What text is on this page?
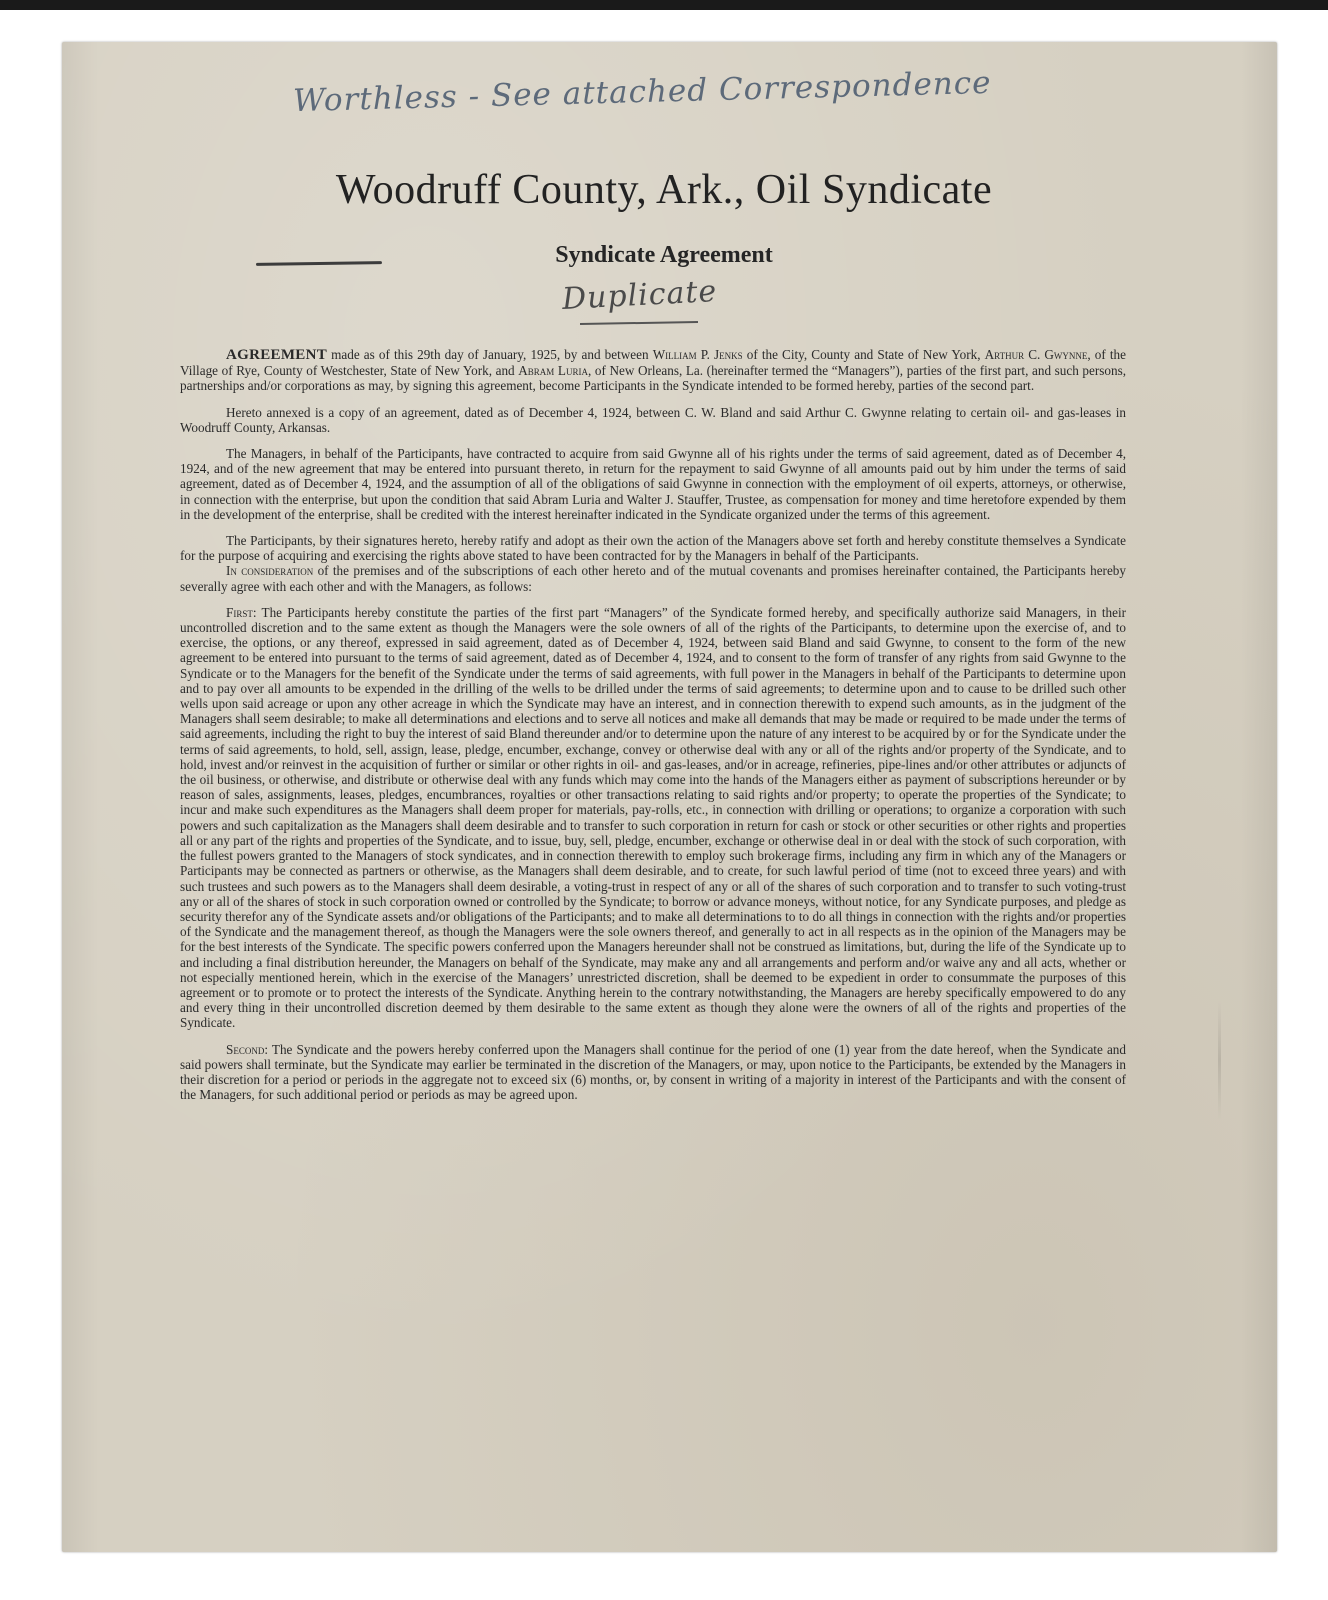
Worthless - See attached Correspondence
Woodruff County, Ark., Oil Syndicate
Syndicate Agreement
Duplicate

AGREEMENT made as of this 29th day of January, 1925, by and between William P. Jenks of the City, County and State of New York, Arthur C. Gwynne, of the Village of Rye, County of Westchester, State of New York, and Abram Luria, of New Orleans, La. (hereinafter termed the “Managers”), parties of the first part, and such persons, partnerships and/or corporations as may, by signing this agreement, become Participants in the Syndicate intended to be formed hereby, parties of the second part.

Hereto annexed is a copy of an agreement, dated as of December 4, 1924, between C. W. Bland and said Arthur C. Gwynne relating to certain oil- and gas-leases in Woodruff County, Arkansas.

The Managers, in behalf of the Participants, have contracted to acquire from said Gwynne all of his rights under the terms of said agreement, dated as of December 4, 1924, and of the new agreement that may be entered into pursuant thereto, in return for the repayment to said Gwynne of all amounts paid out by him under the terms of said agreement, dated as of December 4, 1924, and the assumption of all of the obligations of said Gwynne in connection with the employment of oil experts, attorneys, or otherwise, in connection with the enterprise, but upon the condition that said Abram Luria and Walter J. Stauffer, Trustee, as compensation for money and time heretofore expended by them in the development of the enterprise, shall be credited with the interest hereinafter indicated in the Syndicate organized under the terms of this agreement.

The Participants, by their signatures hereto, hereby ratify and adopt as their own the action of the Managers above set forth and hereby constitute themselves a Syndicate for the purpose of acquiring and exercising the rights above stated to have been contracted for by the Managers in behalf of the Participants.

In consideration of the premises and of the subscriptions of each other hereto and of the mutual covenants and promises hereinafter contained, the Participants hereby severally agree with each other and with the Managers, as follows:

First: The Participants hereby constitute the parties of the first part “Managers” of the Syndicate formed hereby, and specifically authorize said Managers, in their uncontrolled discretion and to the same extent as though the Managers were the sole owners of all of the rights of the Participants, to determine upon the exercise of, and to exercise, the options, or any thereof, expressed in said agreement, dated as of December 4, 1924, between said Bland and said Gwynne, to consent to the form of the new agreement to be entered into pursuant to the terms of said agreement, dated as of December 4, 1924, and to consent to the form of transfer of any rights from said Gwynne to the Syndicate or to the Managers for the benefit of the Syndicate under the terms of said agreements, with full power in the Managers in behalf of the Participants to determine upon and to pay over all amounts to be expended in the drilling of the wells to be drilled under the terms of said agreements; to determine upon and to cause to be drilled such other wells upon said acreage or upon any other acreage in which the Syndicate may have an interest, and in connection therewith to expend such amounts, as in the judgment of the Managers shall seem desirable; to make all determinations and elections and to serve all notices and make all demands that may be made or required to be made under the terms of said agreements, including the right to buy the interest of said Bland thereunder and/or to determine upon the nature of any interest to be acquired by or for the Syndicate under the terms of said agreements, to hold, sell, assign, lease, pledge, encumber, exchange, convey or otherwise deal with any or all of the rights and/or property of the Syndicate, and to hold, invest and/or reinvest in the acquisition of further or similar or other rights in oil- and gas-leases, and/or in acreage, refineries, pipe-lines and/or other attributes or adjuncts of the oil business, or otherwise, and distribute or otherwise deal with any funds which may come into the hands of the Managers either as payment of subscriptions hereunder or by reason of sales, assignments, leases, pledges, encumbrances, royalties or other transactions relating to said rights and/or property; to operate the properties of the Syndicate; to incur and make such expenditures as the Managers shall deem proper for materials, pay-rolls, etc., in connection with drilling or operations; to organize a corporation with such powers and such capitalization as the Managers shall deem desirable and to transfer to such corporation in return for cash or stock or other securities or other rights and properties all or any part of the rights and properties of the Syndicate, and to issue, buy, sell, pledge, encumber, exchange or otherwise deal in or deal with the stock of such corporation, with the fullest powers granted to the Managers of stock syndicates, and in connection therewith to employ such brokerage firms, including any firm in which any of the Managers or Participants may be connected as partners or otherwise, as the Managers shall deem desirable, and to create, for such lawful period of time (not to exceed three years) and with such trustees and such powers as to the Managers shall deem desirable, a voting-trust in respect of any or all of the shares of such corporation and to transfer to such voting-trust any or all of the shares of stock in such corporation owned or controlled by the Syndicate; to borrow or advance moneys, without notice, for any Syndicate purposes, and pledge as security therefor any of the Syndicate assets and/or obligations of the Participants; and to make all determinations to to do all things in connection with the rights and/or properties of the Syndicate and the management thereof, as though the Managers were the sole owners thereof, and generally to act in all respects as in the opinion of the Managers may be for the best interests of the Syndicate. The specific powers conferred upon the Managers hereunder shall not be construed as limitations, but, during the life of the Syndicate up to and including a final distribution hereunder, the Managers on behalf of the Syndicate, may make any and all arrangements and perform and/or waive any and all acts, whether or not especially mentioned herein, which in the exercise of the Managers’ unrestricted discretion, shall be deemed to be expedient in order to consummate the purposes of this agreement or to promote or to protect the interests of the Syndicate. Anything herein to the contrary notwithstanding, the Managers are hereby specifically empowered to do any and every thing in their uncontrolled discretion deemed by them desirable to the same extent as though they alone were the owners of all of the rights and properties of the Syndicate.

Second: The Syndicate and the powers hereby conferred upon the Managers shall continue for the period of one (1) year from the date hereof, when the Syndicate and said powers shall terminate, but the Syndicate may earlier be terminated in the discretion of the Managers, or may, upon notice to the Participants, be extended by the Managers in their discretion for a period or periods in the aggregate not to exceed six (6) months, or, by consent in writing of a majority in interest of the Participants and with the consent of the Managers, for such additional period or periods as may be agreed upon.
